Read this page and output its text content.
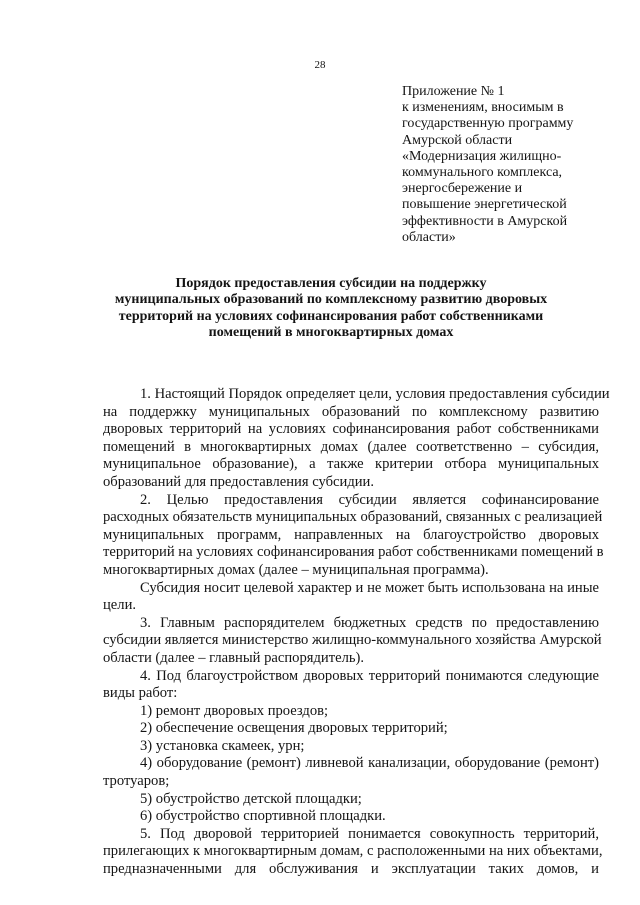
28
Приложение № 1
к изменениям, вносимым в
государственную программу
Амурской области
«Модернизация жилищно-
коммунального комплекса,
энергосбережение и
повышение энергетической
эффективности в Амурской
области»
Порядок предоставления субсидии на поддержку
муниципальных образований по комплексному развитию дворовых
территорий на условиях софинансирования работ собственниками
помещений в многоквартирных домах
1. Настоящий Порядок определяет цели, условия предоставления субсидии
на поддержку муниципальных образований по комплексному развитию
дворовых территорий на условиях софинансирования работ собственниками
помещений в многоквартирных домах (далее соответственно – субсидия,
муниципальное образование), а также критерии отбора муниципальных
образований для предоставления субсидии.
2. Целью предоставления субсидии является софинансирование
расходных обязательств муниципальных образований, связанных с реализацией
муниципальных программ, направленных на благоустройство дворовых
территорий на условиях софинансирования работ собственниками помещений в
многоквартирных домах (далее – муниципальная программа).
Субсидия носит целевой характер и не может быть использована на иные
цели.
3. Главным распорядителем бюджетных средств по предоставлению
субсидии является министерство жилищно-коммунального хозяйства Амурской
области (далее – главный распорядитель).
4. Под благоустройством дворовых территорий понимаются следующие
виды работ:
1) ремонт дворовых проездов;
2) обеспечение освещения дворовых территорий;
3) установка скамеек, урн;
4) оборудование (ремонт) ливневой канализации, оборудование (ремонт)
тротуаров;
5) обустройство детской площадки;
6) обустройство спортивной площадки.
5. Под дворовой территорией понимается совокупность территорий,
прилегающих к многоквартирным домам, с расположенными на них объектами,
предназначенными для обслуживания и эксплуатации таких домов, и
